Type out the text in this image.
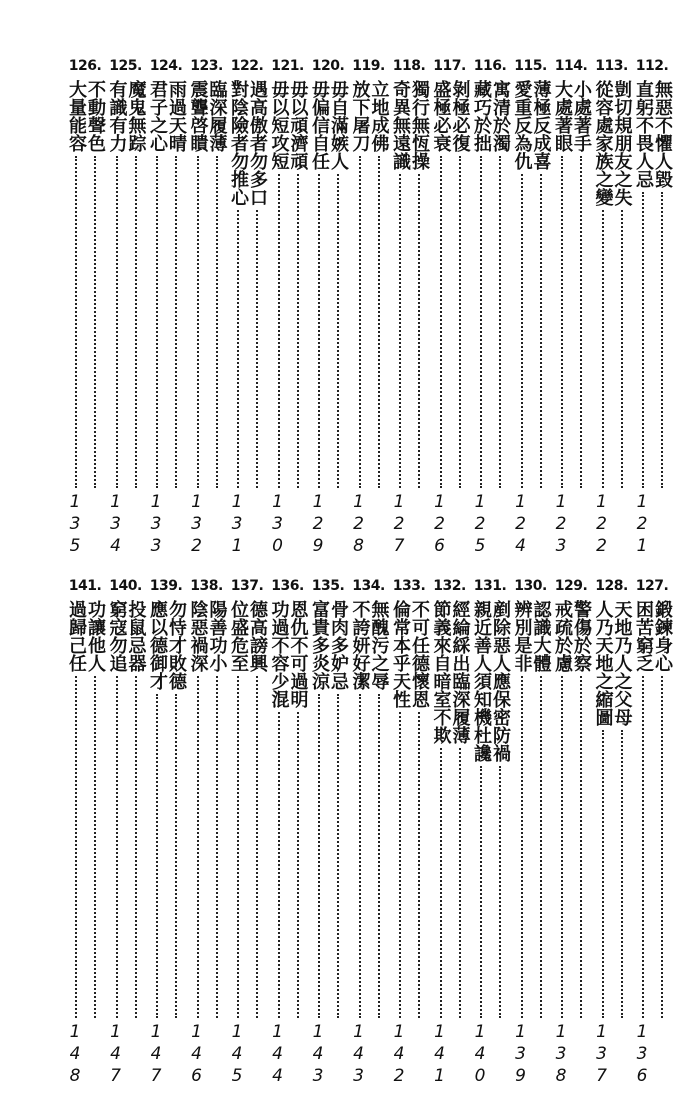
112.
直躬不畏人忌
無惡不懼人毀
121
113.
從容處家族之變
剴切規朋友之失
122
114.
大處著眼
小處著手
123
115.
愛重反為仇
薄極反成喜
124
116.
藏巧於拙
寓清於濁
125
117.
盛極必衰
剝極必復
126
118.
奇異無遠識
獨行無恆操
127
119.
放下屠刀
立地成佛
128
120.
毋偏信自任
毋自滿嫉人
129
121.
毋以短攻短
毋以頑濟頑
130
122.
對陰險者勿推心
遇高傲者勿多口
131
123.
震聾啓瞶
臨深履薄
132
124.
君子之心
雨過天晴
133
125.
有識有力
魔鬼無踪
134
126.
大量能容
不動聲色
135
127.
困苦窮乏
鍛鍊身心
136
128.
人乃天地之縮圖
天地乃人之父母
137
129.
戒疏於慮
警傷於察
138
130.
辨別是非
認識大體
139
131.
親近善人須知機杜讒
剷除惡人應保密防禍
140
132.
節義來自暗室不欺
經綸綵出臨深履薄
141
133.
倫常本乎天性
不可任德懷恩
142
134.
不誇妍好潔
無醜污之辱
143
135.
富貴多炎涼
骨肉多妒忌
143
136.
功過不容少混
恩仇不可過明
144
137.
位盛危至
德高謗興
145
138.
陰惡禍深
陽善功小
146
139.
應以德御才
勿恃才敗德
147
140.
窮寇勿追
投鼠忌器
147
141.
過歸己任
功讓他人
148
